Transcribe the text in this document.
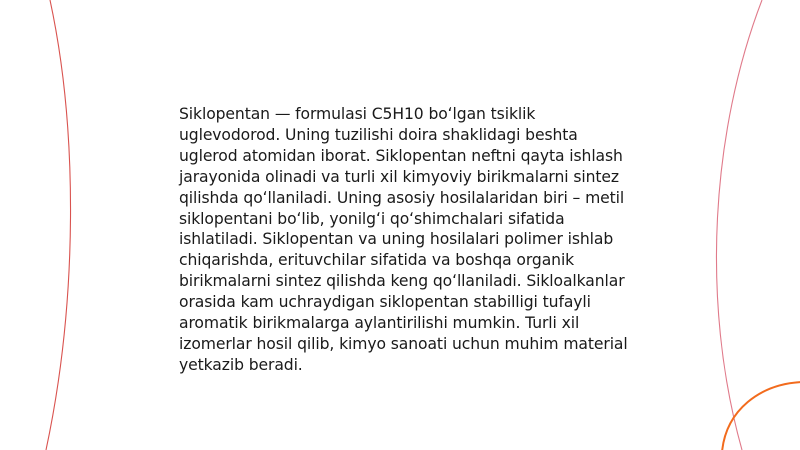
Siklopentan — formulasi C5H10 boʻlgan tsiklik uglevodorod. Uning tuzilishi doira shaklidagi beshta uglerod atomidan iborat. Siklopentan neftni qayta ishlash jarayonida olinadi va turli xil kimyoviy birikmalarni sintez qilishda qoʻllaniladi. Uning asosiy hosilalaridan biri – metil siklopentani boʻlib, yonilgʻi qoʻshimchalari sifatida ishlatiladi. Siklopentan va uning hosilalari polimer ishlab chiqarishda, erituvchilar sifatida va boshqa organik birikmalarni sintez qilishda keng qoʻllaniladi. Sikloalkanlar orasida kam uchraydigan siklopentan stabilligi tufayli aromatik birikmalarga aylantirilishi mumkin. Turli xil izomerlar hosil qilib, kimyo sanoati uchun muhim material yetkazib beradi.
